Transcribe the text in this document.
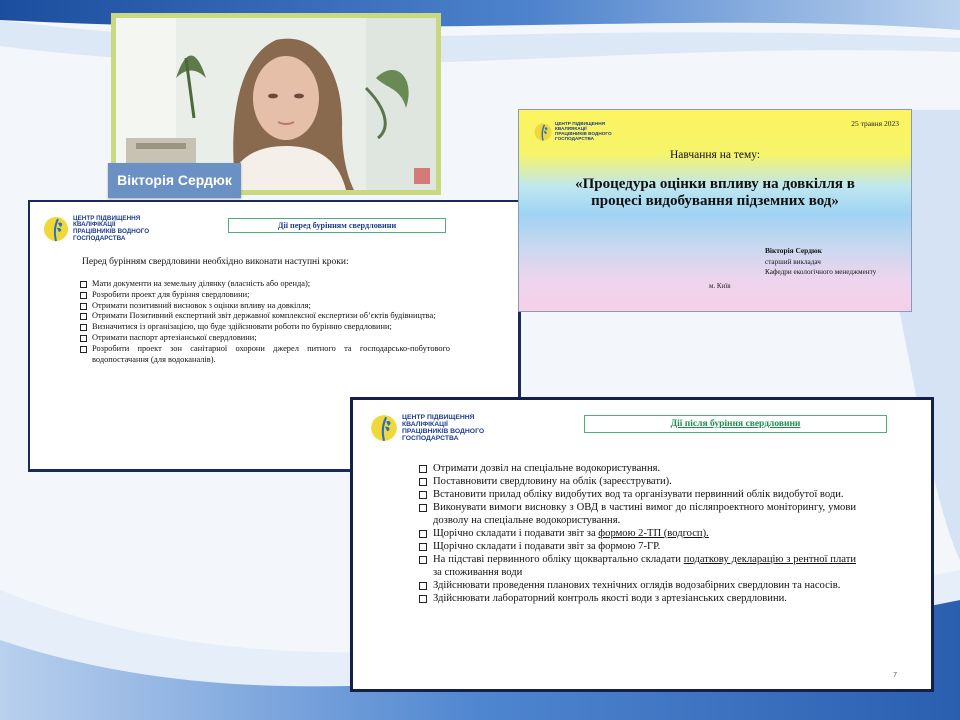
Вікторія Сердюк
ЦЕНТР ПІДВИЩЕННЯ
КВАЛІФІКАЦІЇ
ПРАЦІВНИКІВ ВОДНОГО
ГОСПОДАРСТВА
Дії перед бурінням свердловини
Перед бурінням свердловини необхідно виконати наступні кроки:
Мати документи на земельну ділянку (власність або оренда);
Розробити проект для буріння свердловини;
Отримати позитивний висновок з оцінки впливу на довкілля;
Отримати Позитивний експертний звіт державної комплексної експертизи об’єктів будівництва;
Визначитися із організацією, що буде здійснювати роботи по бурінню свердловини;
Отримати паспорт артезіанської свердловини;
Розробити проект зон санітарної охорони джерел питного та господарсько-побутового водопостачання (для водоканалів).
ЦЕНТР ПІДВИЩЕННЯ
КВАЛІФІКАЦІЇ
ПРАЦІВНИКІВ ВОДНОГО
ГОСПОДАРСТВА
25 травня 2023
Навчання на тему:
«Процедура оцінки впливу на довкілля в процесі видобування підземних вод»
Вікторія Сердюк
старший викладач
Кафедри екологічного менеджменту
м. Київ
ЦЕНТР ПІДВИЩЕННЯ
КВАЛІФІКАЦІЇ
ПРАЦІВНИКІВ ВОДНОГО
ГОСПОДАРСТВА
Дії після буріння свердловини
Отримати дозвіл на спеціальне водокористування.
Поставновити свердловину на облік (зареєструвати).
Встановити прилад обліку видобутих вод та організувати первинний облік видобутої води.
Виконувати вимоги висновку з ОВД в частині вимог до післяпроектного моніторингу, умови дозволу на спеціальне водокористування.
Щорічно складати і подавати звіт за формою 2-ТП (водгосп).
Щорічно складати і подавати звіт за формою 7-ГР.
На підставі первинного обліку щоквартально складати податкову декларацію з рентної плати за споживання води
Здійснювати проведення планових технічних оглядів водозабірних свердловин та насосів.
Здійснювати лабораторний контроль якості води з артезіанських свердловини.
7
